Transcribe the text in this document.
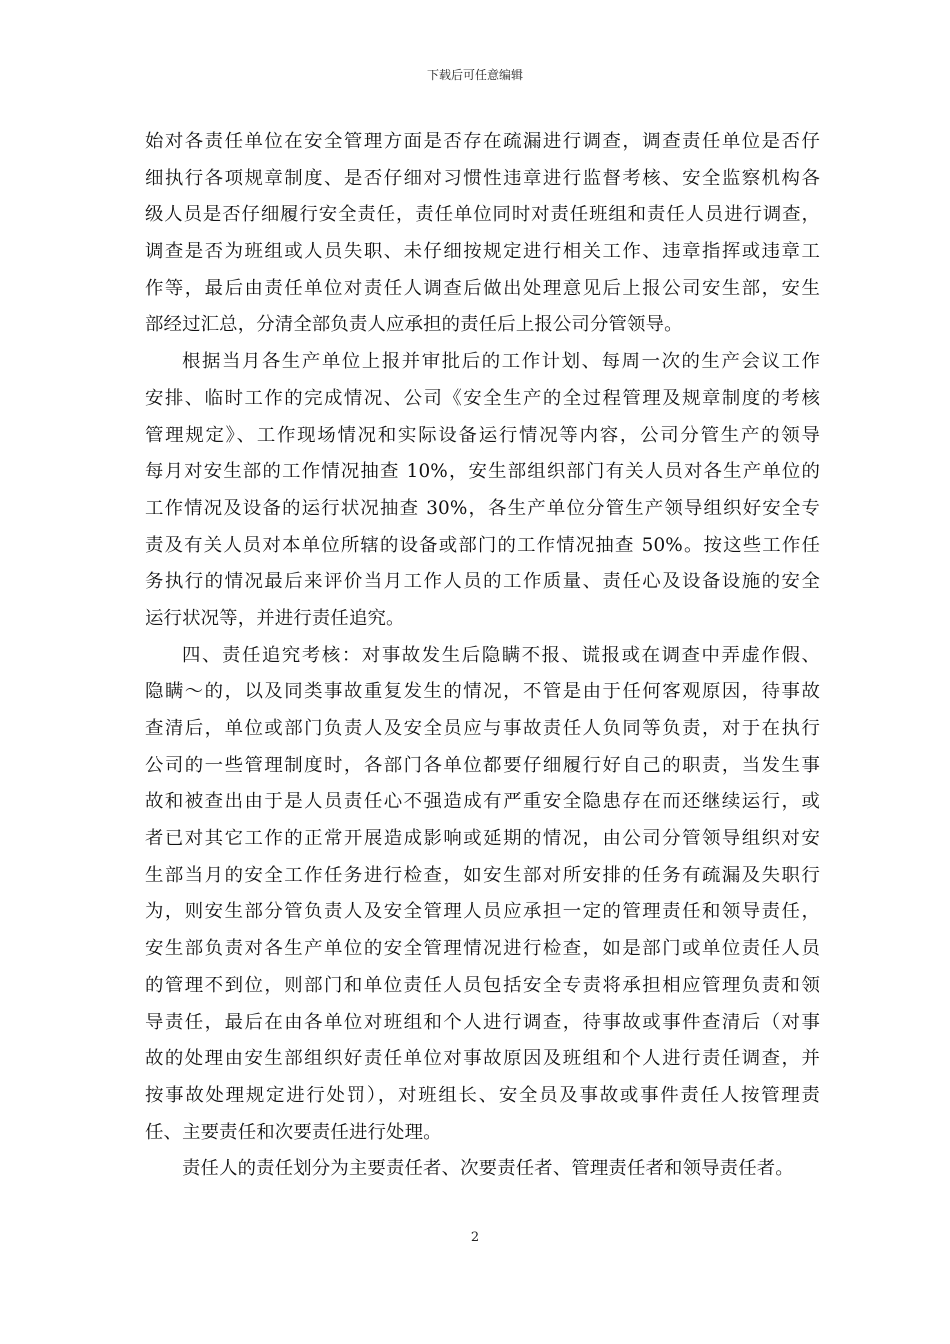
下载后可任意编辑
始对各责任单位在安全管理方面是否存在疏漏进行调查，调查责任单位是否仔
细执行各项规章制度、是否仔细对习惯性违章进行监督考核、安全监察机构各
级人员是否仔细履行安全责任，责任单位同时对责任班组和责任人员进行调查，
调查是否为班组或人员失职、未仔细按规定进行相关工作、违章指挥或违章工
作等，最后由责任单位对责任人调查后做出处理意见后上报公司安生部，安生
部经过汇总，分清全部负责人应承担的责任后上报公司分管领导。
根据当月各生产单位上报并审批后的工作计划、每周一次的生产会议工作
安排、临时工作的完成情况、公司《安全生产的全过程管理及规章制度的考核
管理规定》、工作现场情况和实际设备运行情况等内容，公司分管生产的领导
每月对安生部的工作情况抽查 10%，安生部组织部门有关人员对各生产单位的
工作情况及设备的运行状况抽查 30%，各生产单位分管生产领导组织好安全专
责及有关人员对本单位所辖的设备或部门的工作情况抽查 50%。按这些工作任
务执行的情况最后来评价当月工作人员的工作质量、责任心及设备设施的安全
运行状况等，并进行责任追究。
四、责任追究考核：对事故发生后隐瞒不报、谎报或在调查中弄虚作假、
隐瞒～的，以及同类事故重复发生的情况，不管是由于任何客观原因，待事故
查清后，单位或部门负责人及安全员应与事故责任人负同等负责，对于在执行
公司的一些管理制度时，各部门各单位都要仔细履行好自己的职责，当发生事
故和被查出由于是人员责任心不强造成有严重安全隐患存在而还继续运行，或
者已对其它工作的正常开展造成影响或延期的情况，由公司分管领导组织对安
生部当月的安全工作任务进行检查，如安生部对所安排的任务有疏漏及失职行
为，则安生部分管负责人及安全管理人员应承担一定的管理责任和领导责任，
安生部负责对各生产单位的安全管理情况进行检查，如是部门或单位责任人员
的管理不到位，则部门和单位责任人员包括安全专责将承担相应管理负责和领
导责任，最后在由各单位对班组和个人进行调查，待事故或事件查清后（对事
故的处理由安生部组织好责任单位对事故原因及班组和个人进行责任调查，并
按事故处理规定进行处罚），对班组长、安全员及事故或事件责任人按管理责
任、主要责任和次要责任进行处理。
责任人的责任划分为主要责任者、次要责任者、管理责任者和领导责任者。
2
